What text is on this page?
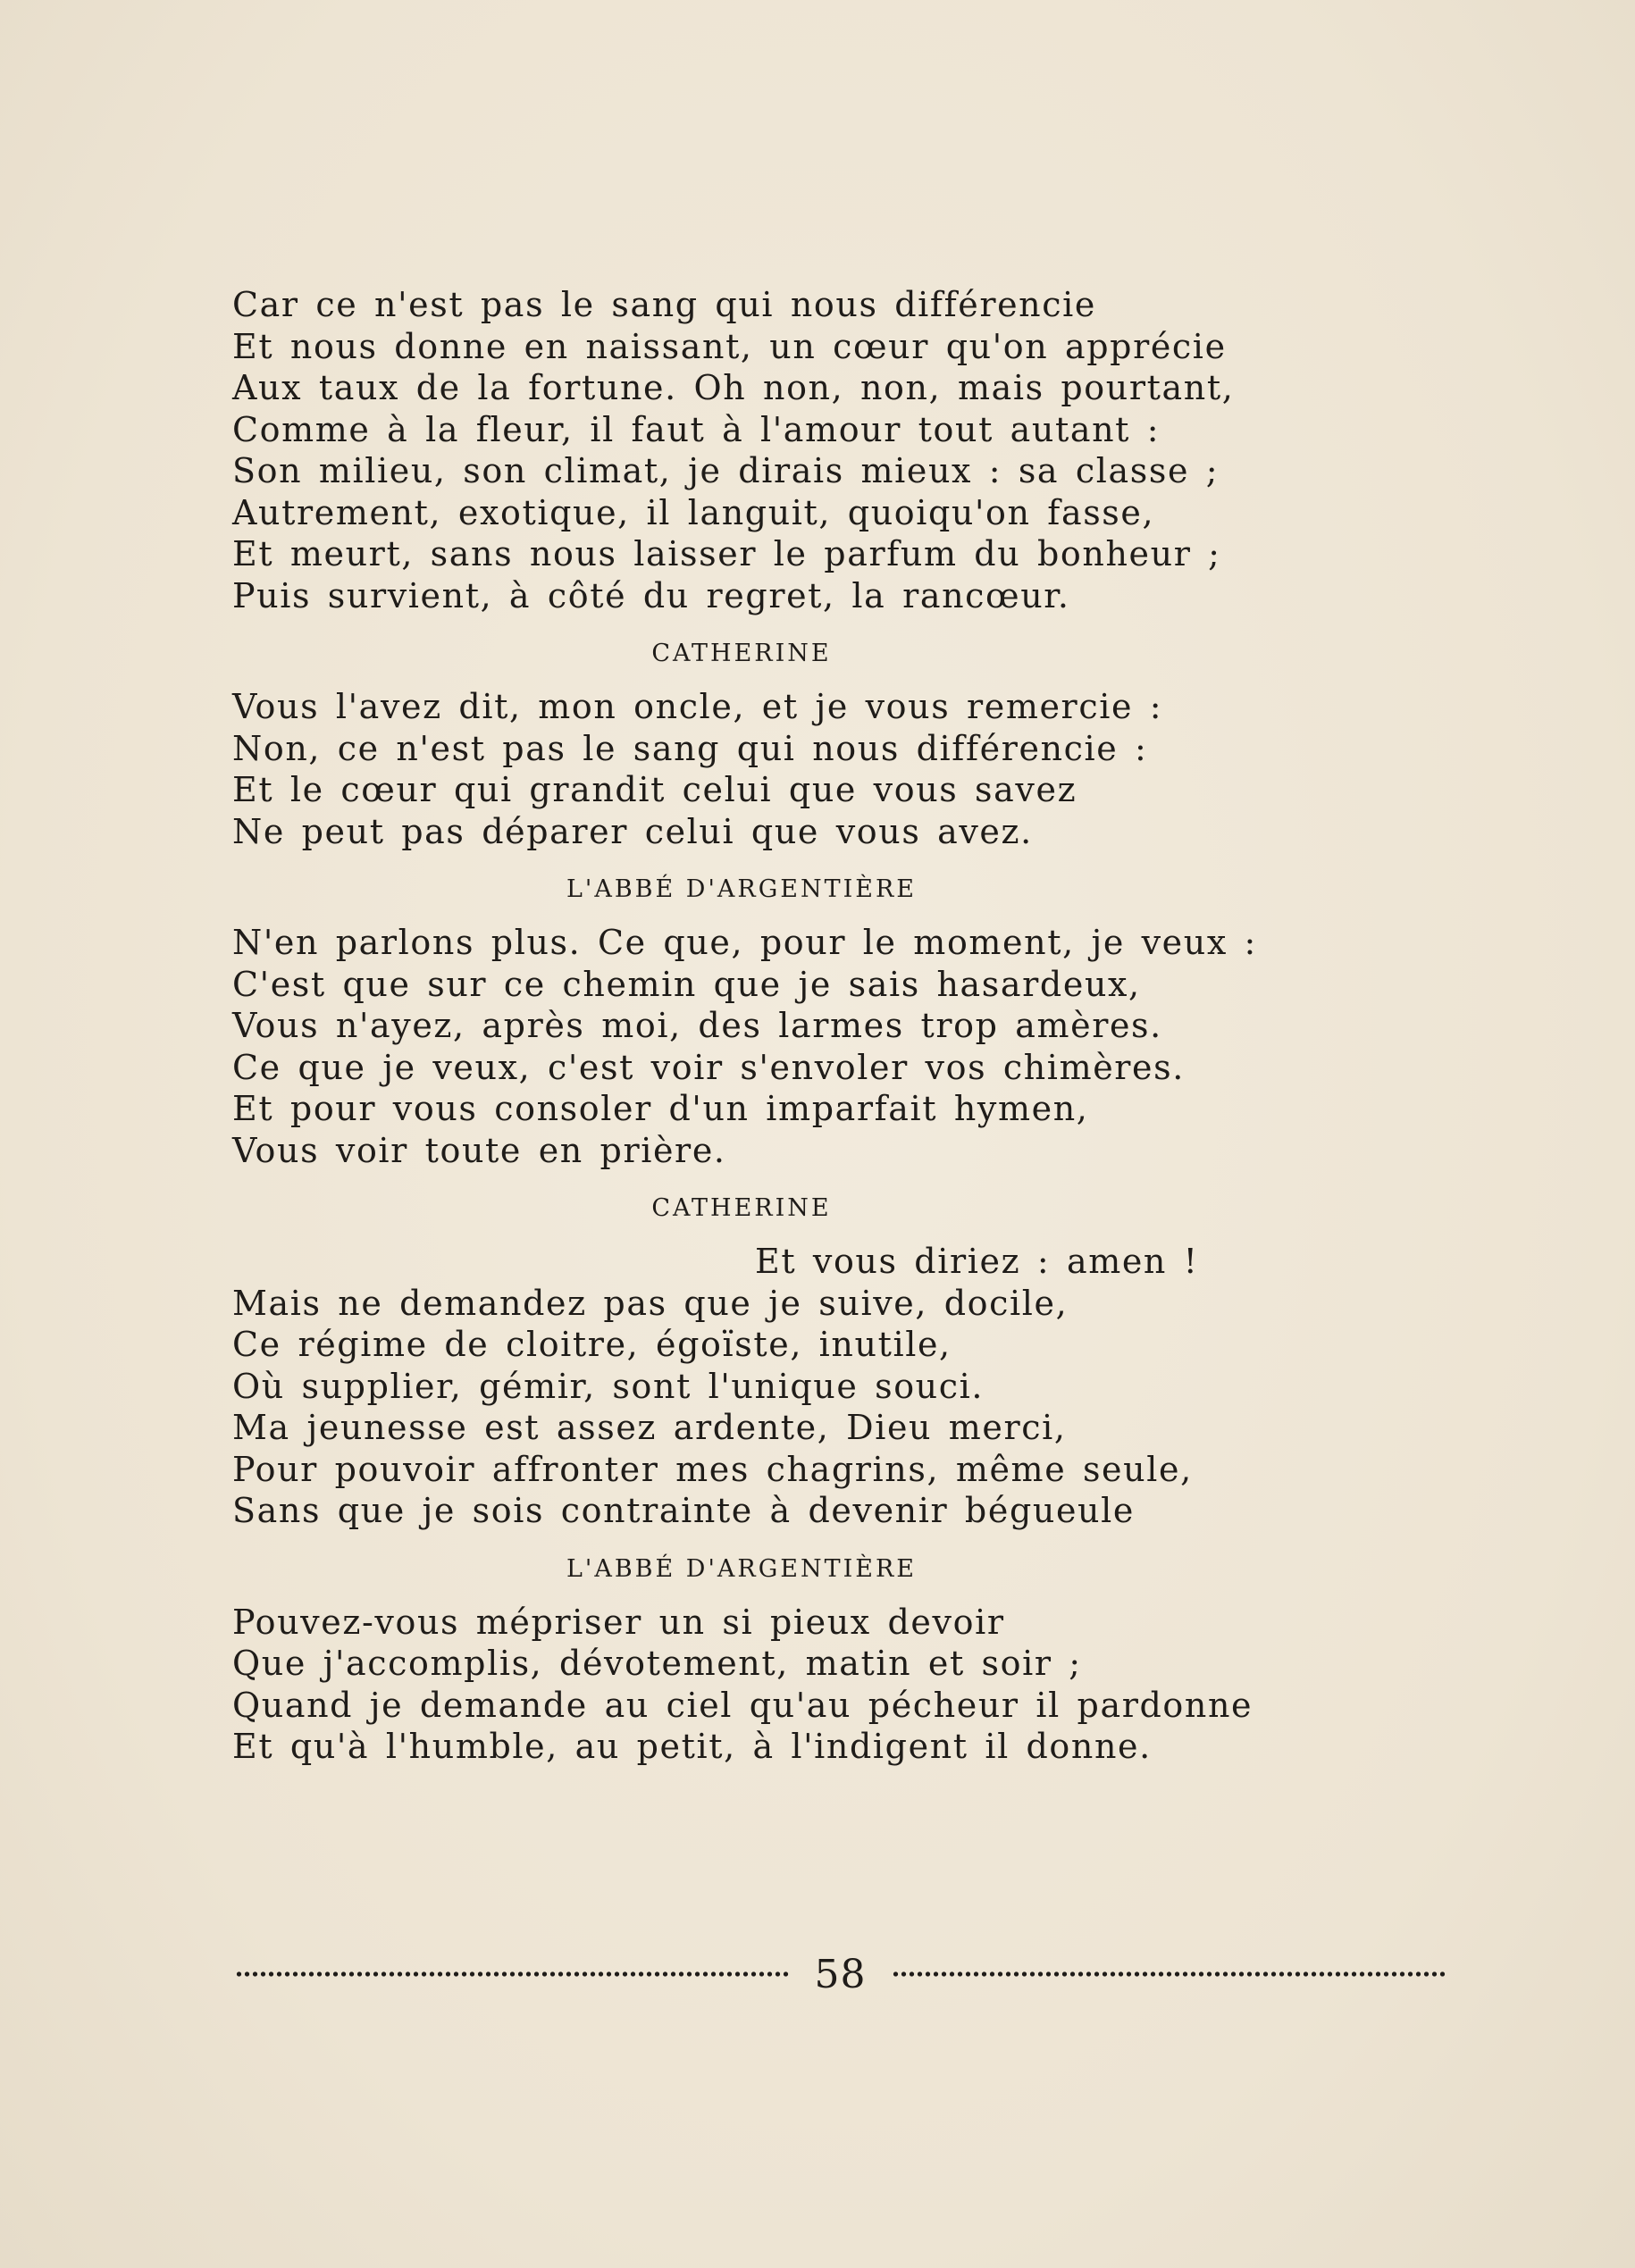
Car ce n'est pas le sang qui nous différencie
Et nous donne en naissant, un cœur qu'on apprécie
Aux taux de la fortune. Oh non, non, mais pourtant,
Comme à la fleur, il faut à l'amour tout autant :
Son milieu, son climat, je dirais mieux : sa classe ;
Autrement, exotique, il languit, quoiqu'on fasse,
Et meurt, sans nous laisser le parfum du bonheur ;
Puis survient, à côté du regret, la rancœur.
CATHERINE
Vous l'avez dit, mon oncle, et je vous remercie :
Non, ce n'est pas le sang qui nous différencie :
Et le cœur qui grandit celui que vous savez
Ne peut pas déparer celui que vous avez.
L'ABBÉ D'ARGENTIÈRE
N'en parlons plus. Ce que, pour le moment, je veux :
C'est que sur ce chemin que je sais hasardeux,
Vous n'ayez, après moi, des larmes trop amères.
Ce que je veux, c'est voir s'envoler vos chimères.
Et pour vous consoler d'un imparfait hymen,
Vous voir toute en prière.
CATHERINE
Et vous diriez : amen !
Mais ne demandez pas que je suive, docile,
Ce régime de cloitre, égoïste, inutile,
Où supplier, gémir, sont l'unique souci.
Ma jeunesse est assez ardente, Dieu merci,
Pour pouvoir affronter mes chagrins, même seule,
Sans que je sois contrainte à devenir bégueule
L'ABBÉ D'ARGENTIÈRE
Pouvez-vous mépriser un si pieux devoir
Que j'accomplis, dévotement, matin et soir ;
Quand je demande au ciel qu'au pécheur il pardonne
Et qu'à l'humble, au petit, à l'indigent il donne.
58
